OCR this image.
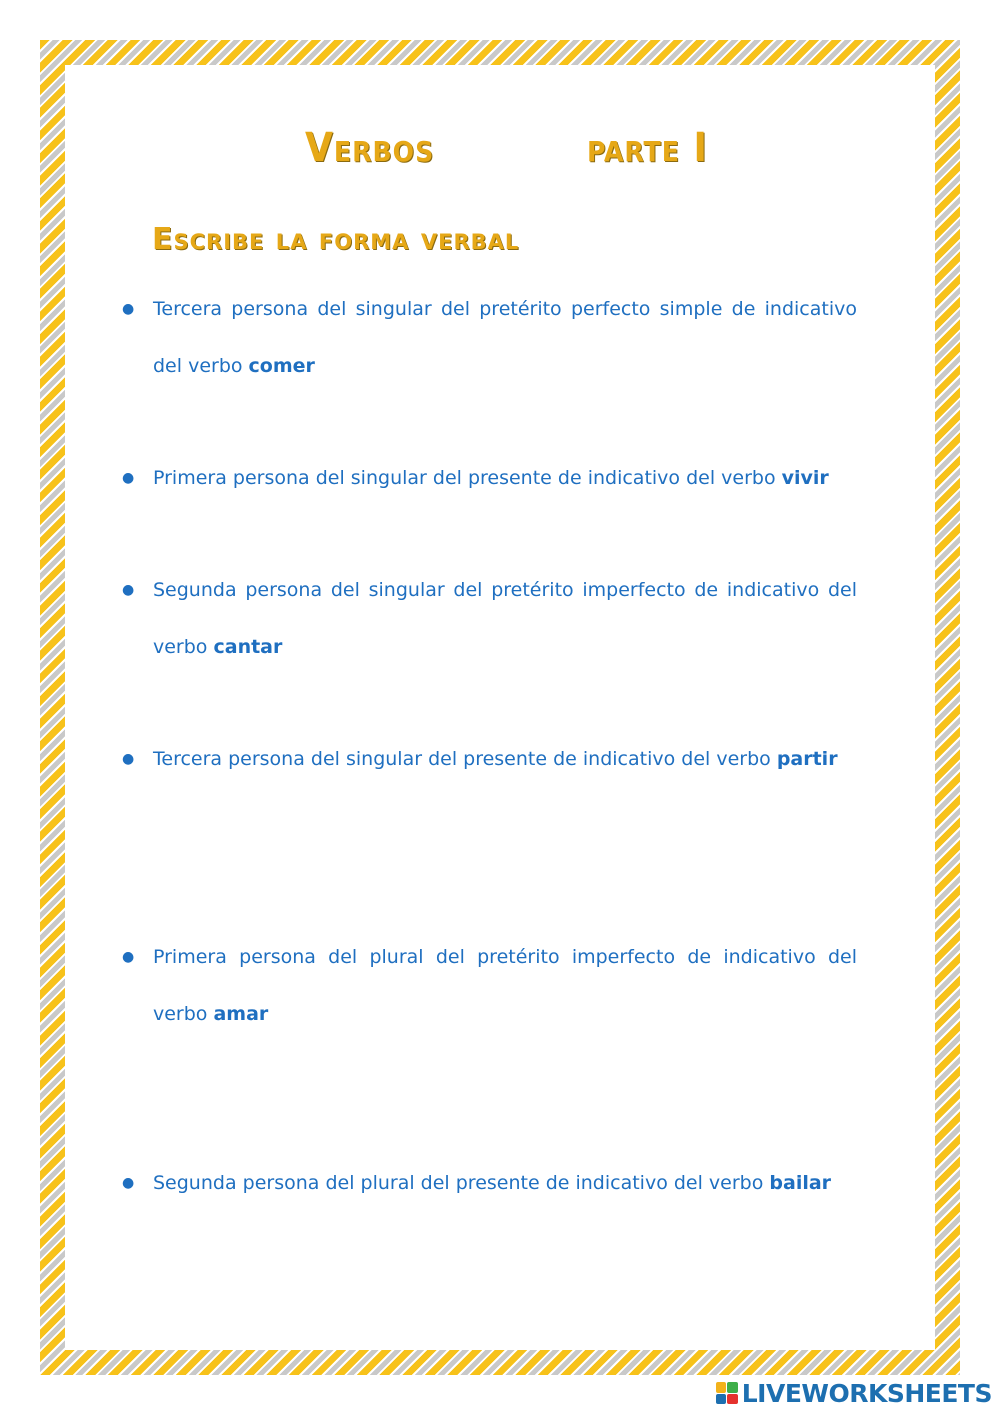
Verbos	parte I
Escribe la forma verbal
● Tercera persona del singular del pretérito perfecto simple de indicativo del verbo comer
● Primera persona del singular del presente de indicativo del verbo vivir
● Segunda persona del singular del pretérito imperfecto de indicativo del verbo cantar
● Tercera persona del singular del presente de indicativo del verbo partir
● Primera persona del plural del pretérito imperfecto de indicativo del verbo amar
● Segunda persona del plural del presente de indicativo del verbo bailar
LIVEWORKSHEETS
